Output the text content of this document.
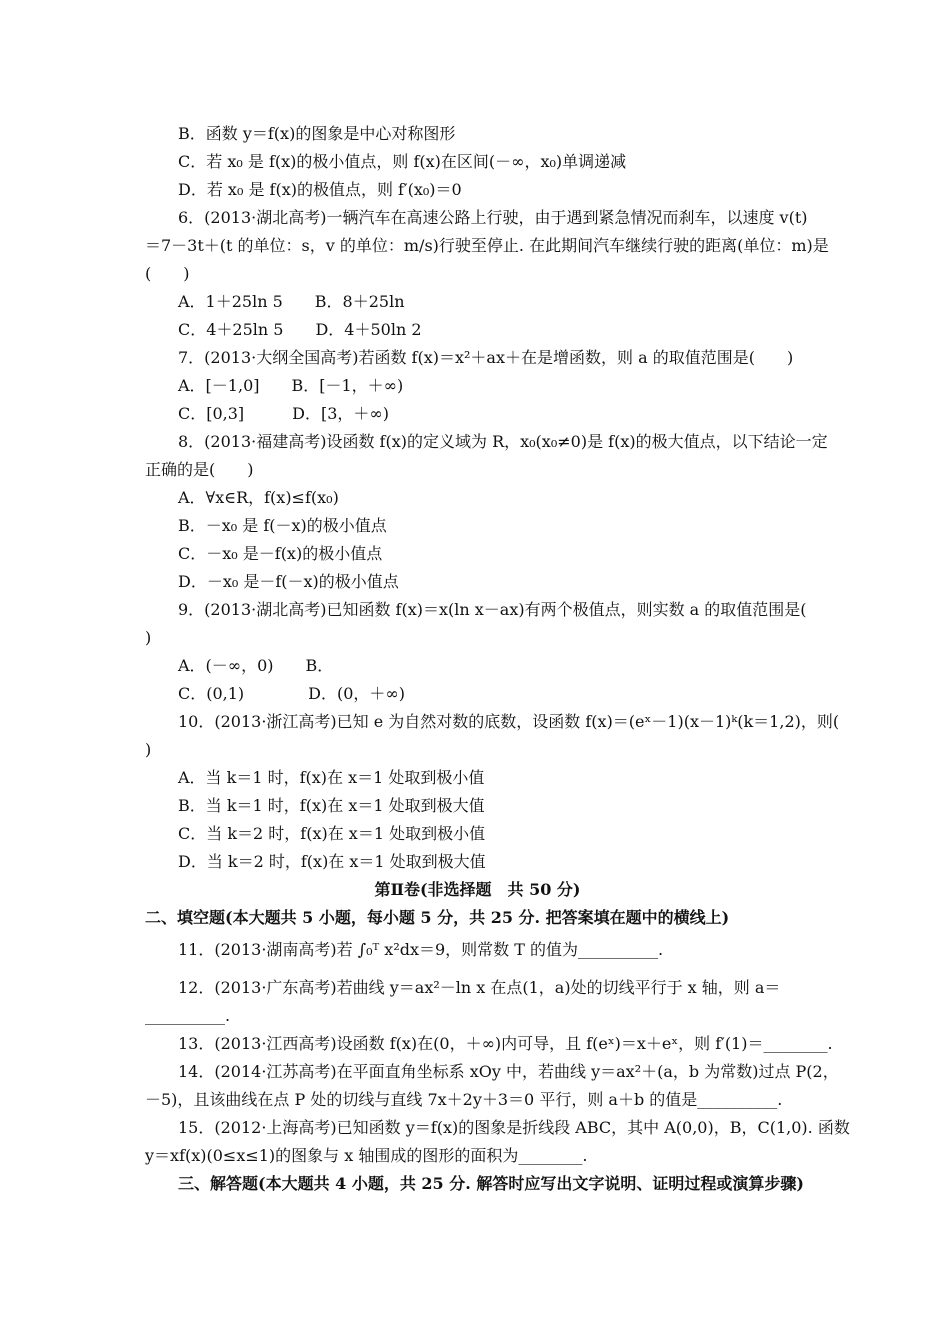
B．函数 y＝f(x)的图象是中心对称图形
C．若 x₀ 是 f(x)的极小值点，则 f(x)在区间(－∞，x₀)单调递减
D．若 x₀ 是 f(x)的极值点，则 f′(x₀)＝0
6．(2013·湖北高考)一辆汽车在高速公路上行驶，由于遇到紧急情况而刹车，以速度 v(t)
＝7－3t＋(t 的单位：s，v 的单位：m/s)行驶至停止. 在此期间汽车继续行驶的距离(单位：m)是
(　　)
A．1＋25ln 5　　B．8＋25ln
C．4＋25ln 5　　D．4＋50ln 2
7．(2013·大纲全国高考)若函数 f(x)＝x²＋ax＋在是增函数，则 a 的取值范围是(　　)
A．[－1,0]　　B．[－1，＋∞)
C．[0,3]　　　D．[3，＋∞)
8．(2013·福建高考)设函数 f(x)的定义域为 R，x₀(x₀≠0)是 f(x)的极大值点，以下结论一定
正确的是(　　)
A．∀x∈R，f(x)≤f(x₀)
B．－x₀ 是 f(－x)的极小值点
C．－x₀ 是－f(x)的极小值点
D．－x₀ 是－f(－x)的极小值点
9．(2013·湖北高考)已知函数 f(x)＝x(ln x－ax)有两个极值点，则实数 a 的取值范围是(
)
A．(－∞，0)　　B．
C．(0,1)　　　　D．(0，＋∞)
10．(2013·浙江高考)已知 e 为自然对数的底数，设函数 f(x)＝(eˣ－1)(x－1)ᵏ(k＝1,2)，则(
)
A．当 k＝1 时，f(x)在 x＝1 处取到极小值
B．当 k＝1 时，f(x)在 x＝1 处取到极大值
C．当 k＝2 时，f(x)在 x＝1 处取到极小值
D．当 k＝2 时，f(x)在 x＝1 处取到极大值
第Ⅱ卷(非选择题　共 50 分)
二、填空题(本大题共 5 小题，每小题 5 分，共 25 分. 把答案填在题中的横线上)
11．(2013·湖南高考)若 ∫₀ᵀ x²dx＝9，则常数 T 的值为__________.
12．(2013·广东高考)若曲线 y＝ax²－ln x 在点(1，a)处的切线平行于 x 轴，则 a＝
__________.
13．(2013·江西高考)设函数 f(x)在(0，＋∞)内可导，且 f(eˣ)＝x＋eˣ，则 f′(1)＝________.
14．(2014·江苏高考)在平面直角坐标系 xOy 中，若曲线 y＝ax²＋(a，b 为常数)过点 P(2，
－5)，且该曲线在点 P 处的切线与直线 7x＋2y＋3＝0 平行，则 a＋b 的值是__________.
15．(2012·上海高考)已知函数 y＝f(x)的图象是折线段 ABC，其中 A(0,0)，B，C(1,0). 函数
y＝xf(x)(0≤x≤1)的图象与 x 轴围成的图形的面积为________.
三、解答题(本大题共 4 小题，共 25 分. 解答时应写出文字说明、证明过程或演算步骤)
